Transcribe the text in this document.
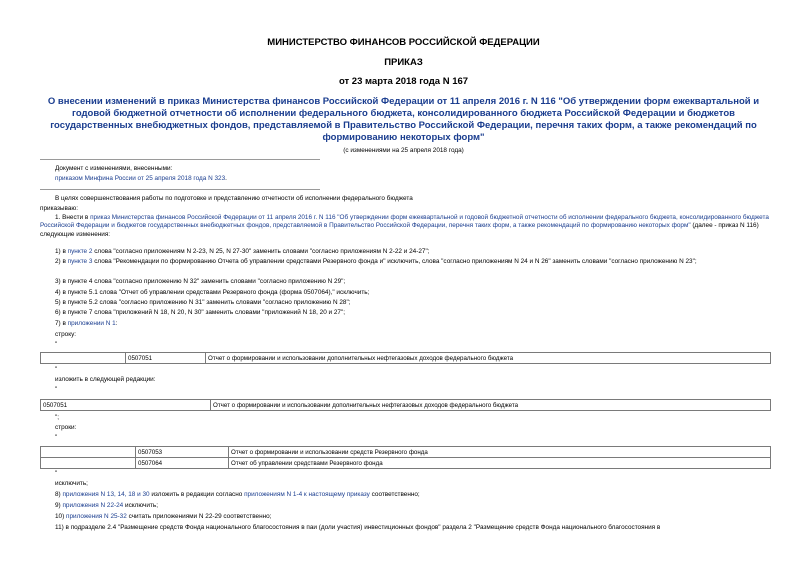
МИНИСТЕРСТВО ФИНАНСОВ РОССИЙСКОЙ ФЕДЕРАЦИИ
ПРИКАЗ
от 23 марта 2018 года N 167
О внесении изменений в приказ Министерства финансов Российской Федерации от 11 апреля 2016 г. N 116 "Об утверждении форм ежеквартальной и годовой бюджетной отчетности об исполнении федерального бюджета, консолидированного бюджета Российской Федерации и бюджетов государственных внебюджетных фондов, представляемой в Правительство Российской Федерации, перечня таких форм, а также рекомендаций по формированию некоторых форм"
(с изменениями на 25 апреля 2018 года)
Документ с изменениями, внесенными:
приказом Минфина России от 25 апреля 2018 года N 323.
В целях совершенствования работы по подготовке и представлению отчетности об исполнении федерального бюджета
приказываю:
1. Внести в приказ Министерства финансов Российской Федерации от 11 апреля 2016 г. N 116 "Об утверждении форм ежеквартальной и годовой бюджетной отчетности об исполнении федерального бюджета, консолидированного бюджета Российской Федерации и бюджетов государственных внебюджетных фондов, представляемой в Правительство Российской Федерации, перечня таких форм, а также рекомендаций по формированию некоторых форм" (далее - приказ N 116) следующие изменения:
1) в пункте 2 слова "согласно приложениям N 2-23, N 25, N 27-30" заменить словами "согласно приложениям N 2-22 и 24-27";
2) в пункте 3 слова "Рекомендации по формированию Отчета об управлении средствами Резервного фонда и" исключить, слова "согласно приложениям N 24 и N 26" заменить словами "согласно приложению N 23";
3) в пункте 4 слова "согласно приложению N 32" заменить словами "согласно приложению N 29";
4) в пункте 5.1 слова "Отчет об управлении средствами Резервного фонда (форма 0507064)," исключить;
5) в пункте 5.2 слова "согласно приложению N 31" заменить словами "согласно приложению N 28";
6) в пункте 7 слова "приложений N 18, N 20, N 30" заменить словами "приложений N 18, 20 и 27";
7) в приложении N 1:
строку:
"
	0507051	Отчет о формировании и использовании дополнительных нефтегазовых доходов федерального бюджета
"
изложить в следующей редакции:
"
0507051	Отчет о формировании и использовании дополнительных нефтегазовых доходов федерального бюджета
";
строки:
"
	0507053	Отчет о формировании и использовании средств Резервного фонда
	0507064	Отчет об управлении средствами Резервного фонда
"
исключить;
8) приложения N 13, 14, 18 и 30 изложить в редакции согласно приложениям N 1-4 к настоящему приказу соответственно;
9) приложения N 22-24 исключить;
10) приложения N 25-32 считать приложениями N 22-29 соответственно;
11) в подразделе 2.4 "Размещение средств Фонда национального благосостояния в паи (доли участия) инвестиционных фондов" раздела 2 "Размещение средств Фонда национального благосостояния в
